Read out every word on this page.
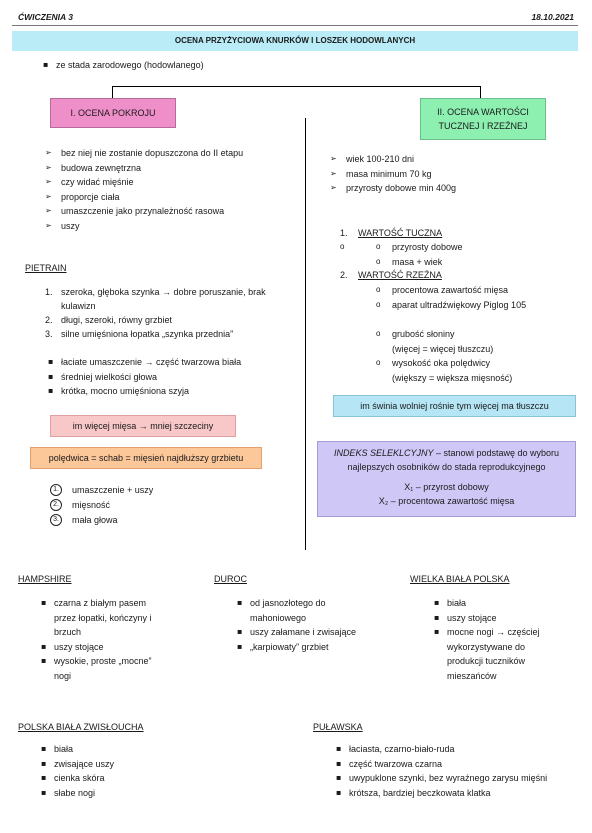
ĆWICZENIA 3	18.10.2021
OCENA PRZYŻYCIOWA KNURKÓW I LOSZEK HODOWLANYCH
▪ ze stada zarodowego (hodowlanego)
I. OCENA POKROJU	II. OCENA WARTOŚCI
TUCZNEJ I RZEŹNEJ
➢ bez niej nie zostanie dopuszczona do II etapu
➢ budowa zewnętrzna
➢ czy widać mięśnie
➢ proporcje ciała
➢ umaszczenie jako przynależność rasowa
➢ uszy
PIETRAIN
1. szeroka, głęboka szynka → dobre poruszanie, brak kulawizn
2. długi, szeroki, równy grzbiet
3. silne umięśniona łopatka „szynka przednia”
▪ łaciate umaszczenie → część twarzowa biała
▪ średniej wielkości głowa
▪ krótka, mocno umięśniona szyja
im więcej mięsa → mniej szczeciny
polędwica = schab = mięsień najdłuższy grzbietu
1.	umaszczenie + uszy
2.	mięsność
3.	mała głowa
➢ wiek 100-210 dni
➢ masa minimum 70 kg
➢ przyrosty dobowe min 400g
1. WARTOŚĆ TUCZNA
o przyrosty dobowe
o masa + wiek
2. WARTOŚĆ RZEŹNA
o procentowa zawartość mięsa
o aparat ultradźwiękowy Piglog 105
o grubość słoniny
(więcej = więcej tłuszczu)
o wysokość oka polędwicy
(większy = większa mięsność)
im świnia wolniej rośnie tym więcej ma tłuszczu
INDEKS SELEKLCYJNY – stanowi podstawę do wyboru
najlepszych osobników do stada reprodukcyjnego
X₁ – przyrost dobowy
X₂ – procentowa zawartość mięsa
HAMPSHIRE
▪ czarna z białym pasem
przez łopatki, kończyny i
brzuch
▪ uszy stojące
▪ wysokie, proste „mocne”
nogi
DUROC
▪ od jasnozłotego do
mahoniowego
▪ uszy załamane i zwisające
▪ „karpiowaty” grzbiet
WIELKA BIAŁA POLSKA
▪ biała
▪ uszy stojące
▪ mocne nogi → częściej
wykorzystywane do
produkcji tuczników
mieszańców
POLSKA BIAŁA ZWISŁOUCHA
▪ biała
▪ zwisające uszy
▪ cienka skóra
▪ słabe nogi
PUŁAWSKA
▪ łaciasta, czarno-biało-ruda
▪ część twarzowa czarna
▪ uwypuklone szynki, bez wyraźnego zarysu mięśni
▪ krótsza, bardziej beczkowata klatka
